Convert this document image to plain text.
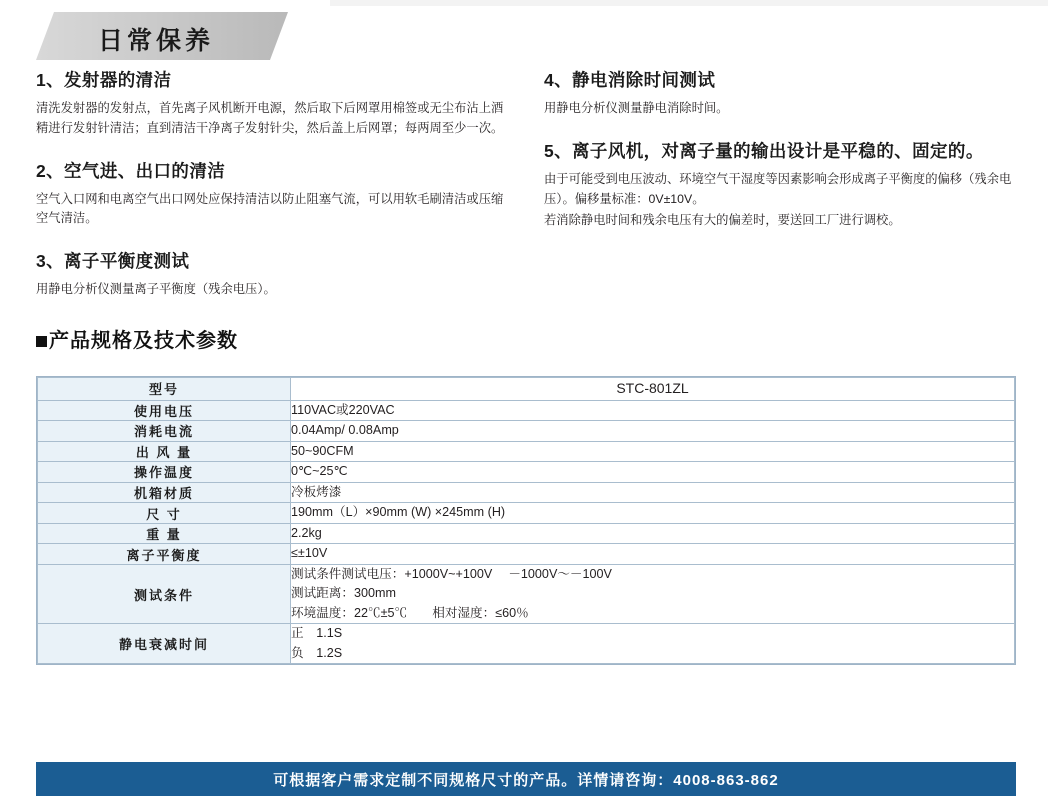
日常保养
1、发射器的清洁

清洗发射器的发射点，首先离子风机断开电源，然后取下后网罩用棉签或无尘布沾上酒精进行发射针清洁；直到清洁干净离子发射针尖，然后盖上后网罩；每两周至少一次。

2、空气进、出口的清洁

空气入口网和电离空气出口网处应保持清洁以防止阻塞气流，可以用软毛刷清洁或压缩空气清洁。

3、离子平衡度测试

用静电分析仪测量离子平衡度（残余电压）。

4、静电消除时间测试

用静电分析仪测量静电消除时间。

5、离子风机，对离子量的输出设计是平稳的、固定的。

由于可能受到电压波动、环境空气干湿度等因素影响会形成离子平衡度的偏移（残余电压）。偏移量标准：0V±10V。

若消除静电时间和残余电压有大的偏差时，要送回工厂进行调校。

产品规格及技术参数
型号	STC-801ZL

使用电压	110VAC或220VAC

消耗电流	0.04Amp/ 0.08Amp

出 风 量	50~90CFM

操作温度	0℃~25℃

机箱材质	冷板烤漆

尺 寸	190mm（L）×90mm (W) ×245mm (H)

重 量	2.2kg

离子平衡度	≤±10V

测试条件	测试条件测试电压：+1000V~+100V　 －1000V～－100V
测试距离：300mm
环境温度：22℃±5℃　　相对湿度：≤60％

静电衰减时间	正　1.1S
负　1.2S
可根据客户需求定制不同规格尺寸的产品。详情请咨询：4008-863-862
